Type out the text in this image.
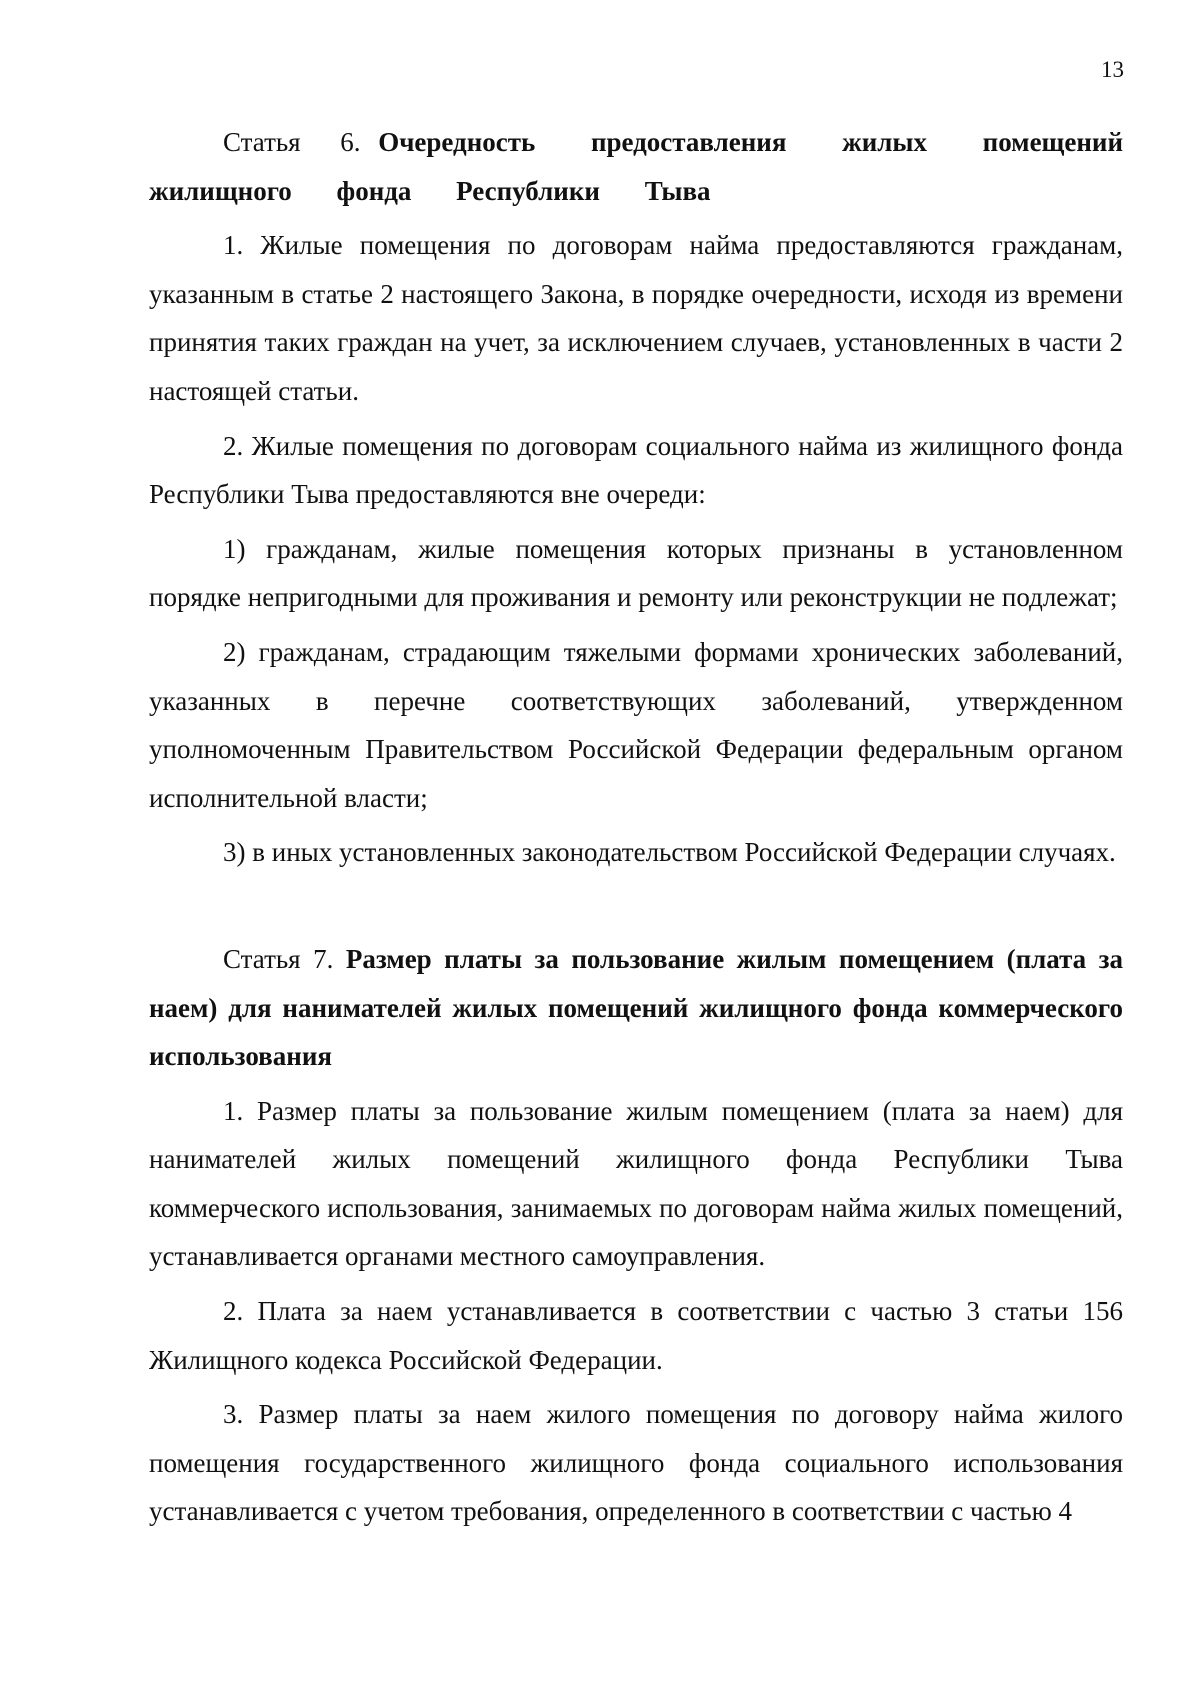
13

Статья 6. Очередность предоставления жилых помещений жилищного фонда Республики Тыва

1. Жилые помещения по договорам найма предоставляются гражданам, указанным в статье 2 настоящего Закона, в порядке очередности, исходя из времени принятия таких граждан на учет, за исключением случаев, установленных в части 2 настоящей статьи.

2. Жилые помещения по договорам социального найма из жилищного фонда Республики Тыва предоставляются вне очереди:

1) гражданам, жилые помещения которых признаны в установленном порядке непригодными для проживания и ремонту или реконструкции не подлежат;

2) гражданам, страдающим тяжелыми формами хронических заболеваний, указанных в перечне соответствующих заболеваний, утвержденном уполномоченным Правительством Российской Федерации федеральным органом исполнительной власти;

3) в иных установленных законодательством Российской Федерации случаях.

Статья 7. Размер платы за пользование жилым помещением (плата за наем) для нанимателей жилых помещений жилищного фонда коммерческого использования

1. Размер платы за пользование жилым помещением (плата за наем) для нанимателей жилых помещений жилищного фонда Республики Тыва коммерческого использования, занимаемых по договорам найма жилых помещений, устанавливается органами местного самоуправления.

2. Плата за наем устанавливается в соответствии с частью 3 статьи 156 Жилищного кодекса Российской Федерации.

3. Размер платы за наем жилого помещения по договору найма жилого помещения государственного жилищного фонда социального использования устанавливается с учетом требования, определенного в соответствии с частью 4
